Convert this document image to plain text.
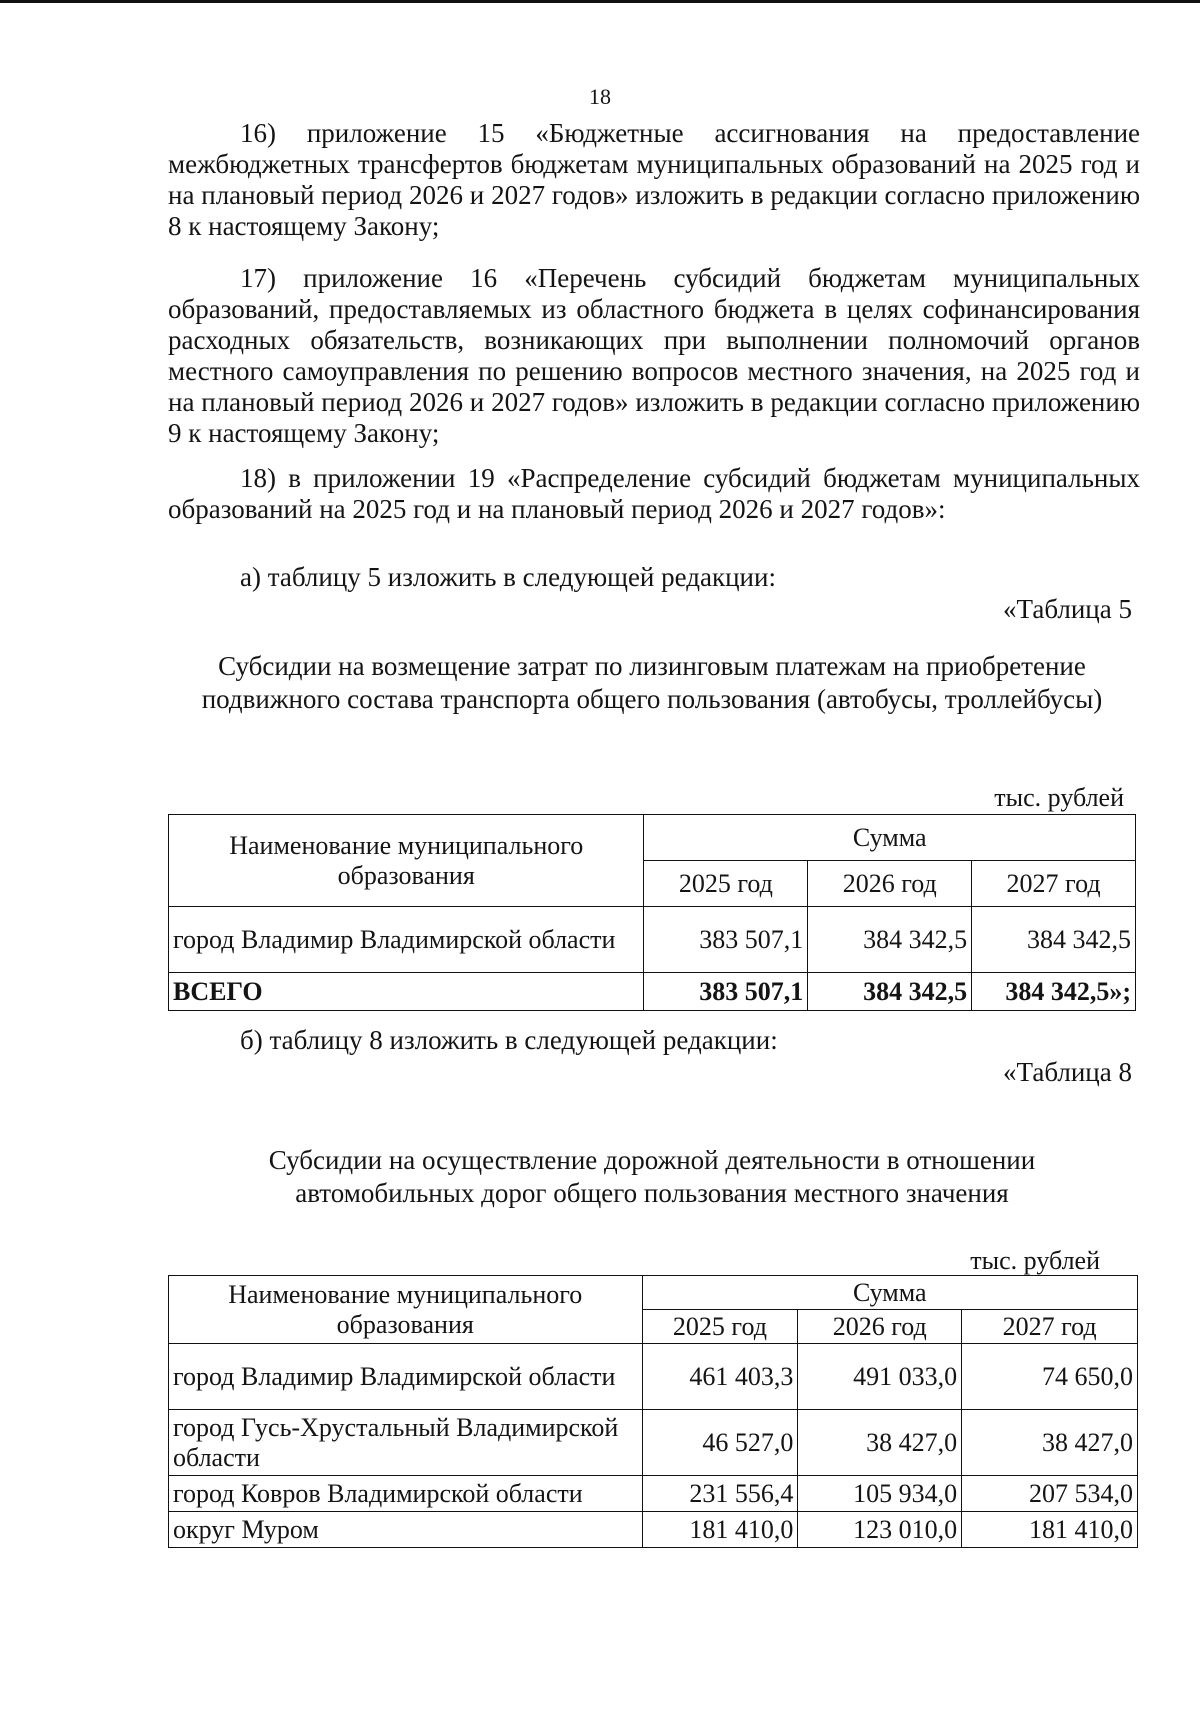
18
16) приложение 15 «Бюджетные ассигнования на предоставление межбюджетных трансфертов бюджетам муниципальных образований на 2025 год и на плановый период 2026 и 2027 годов» изложить в редакции согласно приложению 8 к настоящему Закону;
17) приложение 16 «Перечень субсидий бюджетам муниципальных образований, предоставляемых из областного бюджета в целях софинансирования расходных обязательств, возникающих при выполнении полномочий органов местного самоуправления по решению вопросов местного значения, на 2025 год и на плановый период 2026 и 2027 годов» изложить в редакции согласно приложению 9 к настоящему Закону;
18) в приложении 19 «Распределение субсидий бюджетам муниципальных образований на 2025 год и на плановый период 2026 и 2027 годов»:
а) таблицу 5 изложить в следующей редакции:
«Таблица 5
Субсидии на возмещение затрат по лизинговым платежам на приобретение
подвижного состава транспорта общего пользования (автобусы, троллейбусы)
тыс. рублей
Наименование муниципального образования	Сумма		
	2025 год	2026 год	2027 год
город Владимир Владимирской области	383 507,1	384 342,5	384 342,5
ВСЕГО	383 507,1	384 342,5	384 342,5»;
б) таблицу 8 изложить в следующей редакции:
«Таблица 8
Субсидии на осуществление дорожной деятельности в отношении
автомобильных дорог общего пользования местного значения
тыс. рублей
Наименование муниципального образования	Сумма		
	2025 год	2026 год	2027 год
город Владимир Владимирской области	461 403,3	491 033,0	74 650,0
город Гусь-Хрустальный Владимирской области	46 527,0	38 427,0	38 427,0
город Ковров Владимирской области	231 556,4	105 934,0	207 534,0
округ Муром	181 410,0	123 010,0	181 410,0
